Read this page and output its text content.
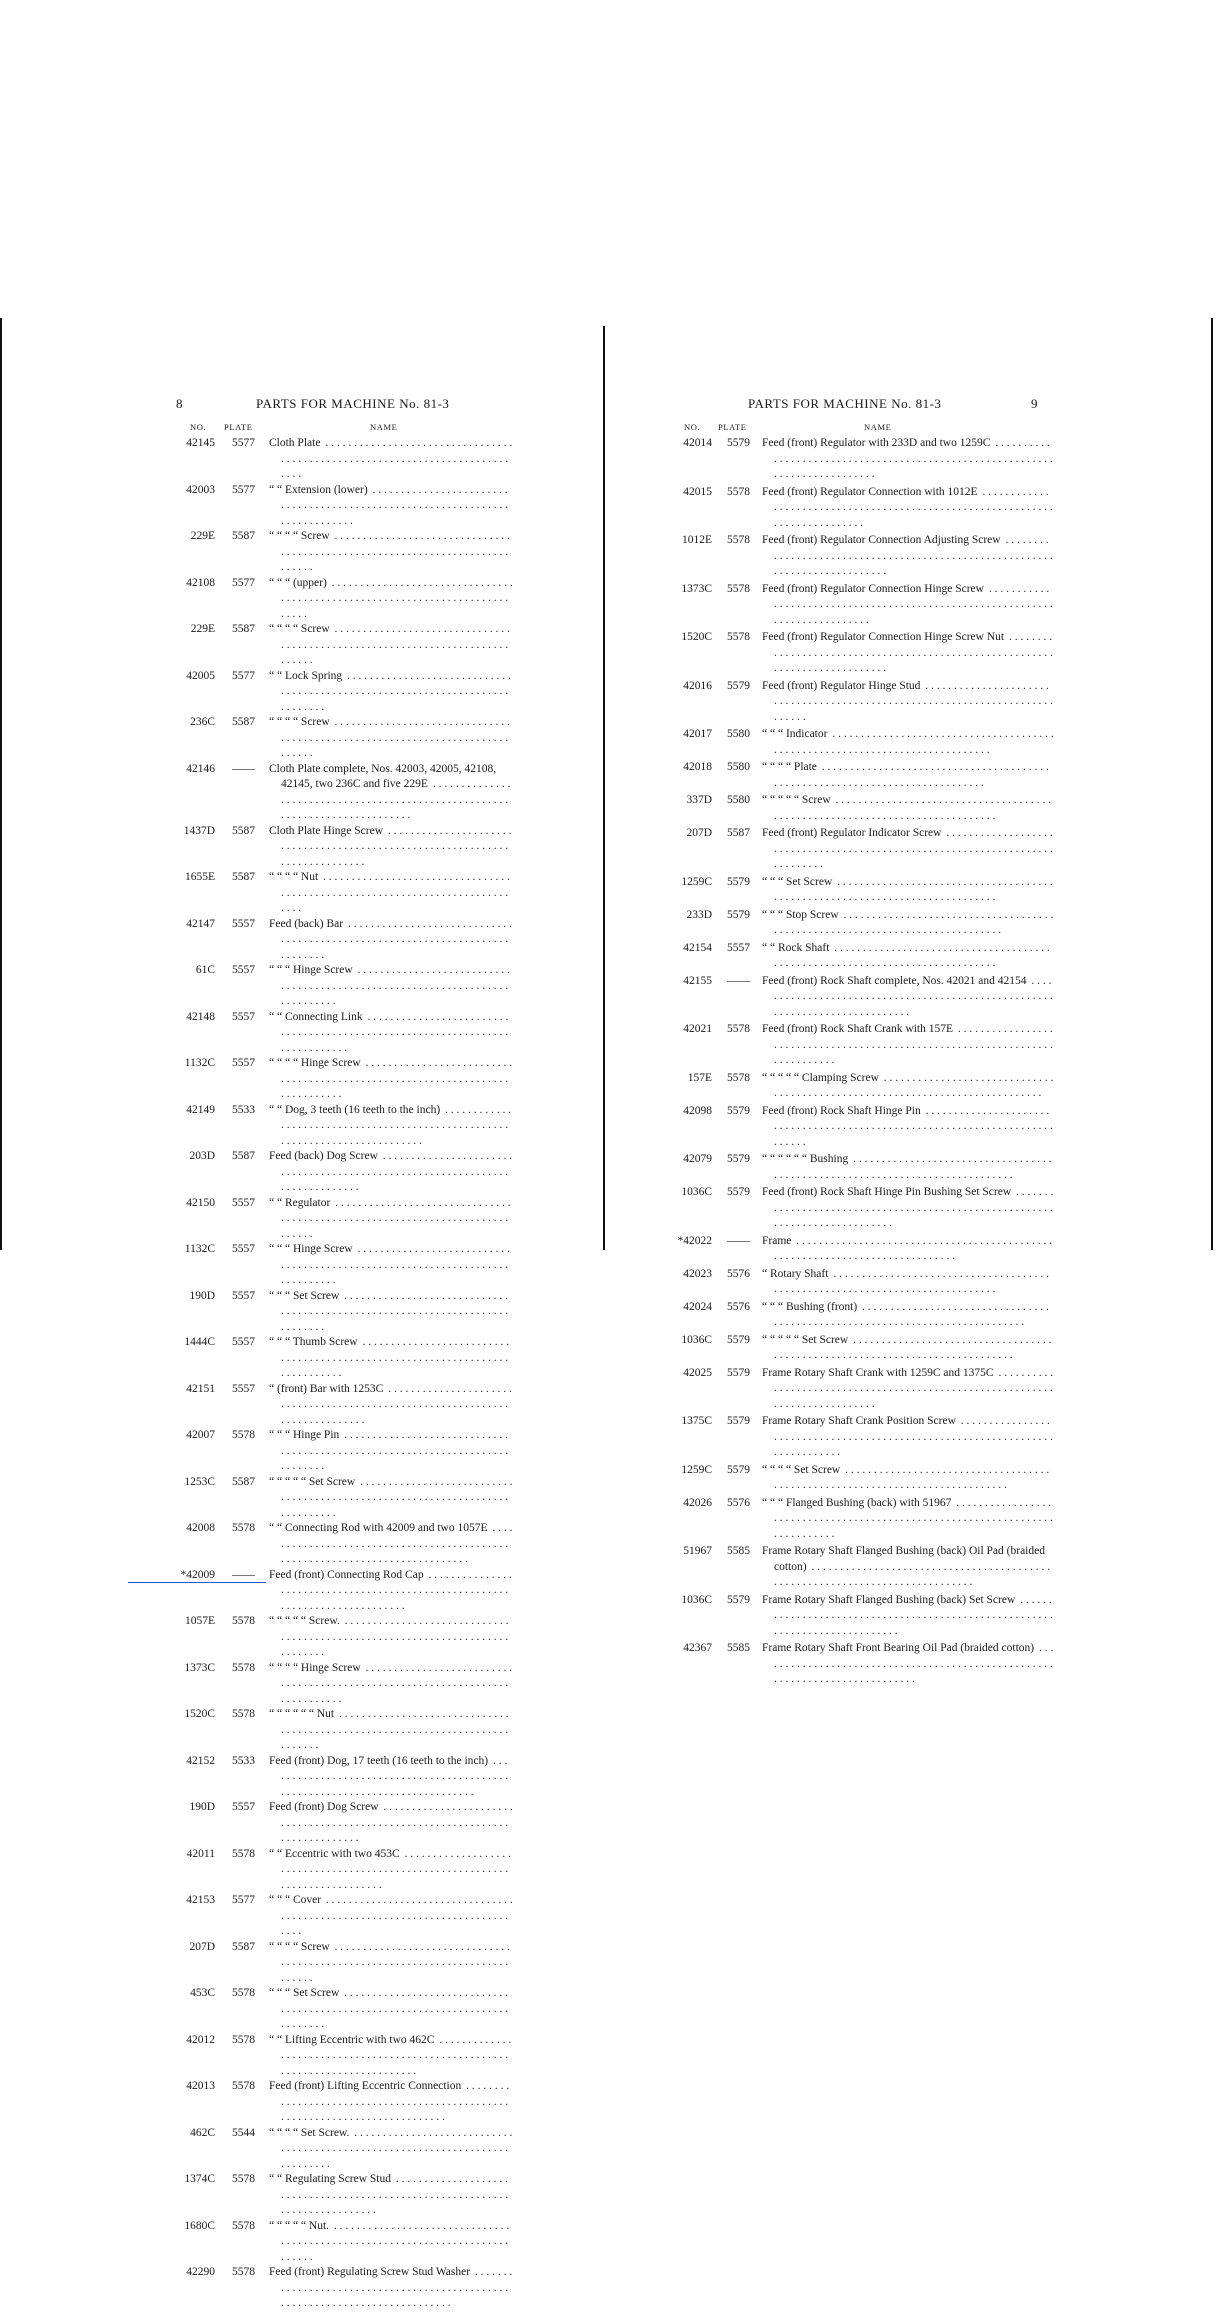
8	PARTS FOR MACHINE No. 81-3
NO. PLATE	NAME
42145	5577	Cloth Plate . . .
42003	5577	“ “ Extension (lower) . . .
229E	5587	“ “ “ “ Screw . . .
42108	5577	“ “ “ (upper) . . .
229E	5587	“ “ “ “ Screw . . .
42005	5577	“ “ Lock Spring . . .
236C	5587	“ “ “ “ Screw . . .
42146	——	Cloth Plate complete, Nos. 42003, 42005, 42108, 42145, two 236C and five 229E . . .
1437D	5587	Cloth Plate Hinge Screw . . .
1655E	5587	“ “ “ “ Nut . . .
42147	5557	Feed (back) Bar . . .
61C	5557	“ “ “ Hinge Screw . . .
42148	5557	“ “ Connecting Link . . .
1132C	5557	“ “ “ “ Hinge Screw . . .
42149	5533	“ “ Dog, 3 teeth (16 teeth to the inch) . . .
203D	5587	Feed (back) Dog Screw . . .
42150	5557	“ “ Regulator . . .
1132C	5557	“ “ “ Hinge Screw . . .
190D	5557	“ “ “ Set Screw . . .
1444C	5557	“ “ “ Thumb Screw . . .
42151	5557	“ (front) Bar with 1253C . . .
42007	5578	“ “ “ Hinge Pin . . .
1253C	5587	“ “ “ “ “ Set Screw . . .
42008	5578	“ “ Connecting Rod with 42009 and two 1057E . . .
*42009	——	Feed (front) Connecting Rod Cap . . .
1057E	5578	“ “ “ “ “ Screw. . . .
1373C	5578	“ “ “ “ Hinge Screw . . .
1520C	5578	“ “ “ “ “ “ Nut . . .
42152	5533	Feed (front) Dog, 17 teeth (16 teeth to the inch) . . .
190D	5557	Feed (front) Dog Screw . . .
42011	5578	“ “ Eccentric with two 453C . . .
42153	5577	“ “ “ Cover . . .
207D	5587	“ “ “ “ Screw . . .
453C	5578	“ “ “ Set Screw . . .
42012	5578	“ “ Lifting Eccentric with two 462C . . .
42013	5578	Feed (front) Lifting Eccentric Connection . . .
462C	5544	“ “ “ “ Set Screw. . . .
1374C	5578	“ “ Regulating Screw Stud . . .
1680C	5578	“ “ “ “ “ Nut. . . .
42290	5578	Feed (front) Regulating Screw Stud Washer . . .
PARTS FOR MACHINE No. 81-3	9
NO. PLATE	NAME
42014	5579	Feed (front) Regulator with 233D and two 1259C . . .
42015	5578	Feed (front) Regulator Connection with 1012E . . .
1012E	5578	Feed (front) Regulator Connection Adjusting Screw . . .
1373C	5578	Feed (front) Regulator Connection Hinge Screw . . .
1520C	5578	Feed (front) Regulator Connection Hinge Screw Nut . . .
42016	5579	Feed (front) Regulator Hinge Stud . . .
42017	5580	“ “ “ Indicator . . .
42018	5580	“ “ “ “ Plate . . .
337D	5580	“ “ “ “ “ Screw . . .
207D	5587	Feed (front) Regulator Indicator Screw . . .
1259C	5579	“ “ “ Set Screw . . .
233D	5579	“ “ “ Stop Screw . . .
42154	5557	“ “ Rock Shaft . . .
42155	——	Feed (front) Rock Shaft complete, Nos. 42021 and 42154 . . .
42021	5578	Feed (front) Rock Shaft Crank with 157E . . .
157E	5578	“ “ “ “ “ Clamping Screw . . .
42098	5579	Feed (front) Rock Shaft Hinge Pin . . .
42079	5579	“ “ “ “ “ “ Bushing . . .
1036C	5579	Feed (front) Rock Shaft Hinge Pin Bushing Set Screw . . .
*42022	——	Frame . . .
42023	5576	“ Rotary Shaft . . .
42024	5576	“ “ “ Bushing (front) . . .
1036C	5579	“ “ “ “ “ Set Screw . . .
42025	5579	Frame Rotary Shaft Crank with 1259C and 1375C . . .
1375C	5579	Frame Rotary Shaft Crank Position Screw . . .
1259C	5579	“ “ “ “ Set Screw . . .
42026	5576	“ “ “ Flanged Bushing (back) with 51967 . . .
51967	5585	Frame Rotary Shaft Flanged Bushing (back) Oil Pad (braided cotton) . . .
1036C	5579	Frame Rotary Shaft Flanged Bushing (back) Set Screw . . .
42367	5585	Frame Rotary Shaft Front Bearing Oil Pad (braided cotton) . . .
